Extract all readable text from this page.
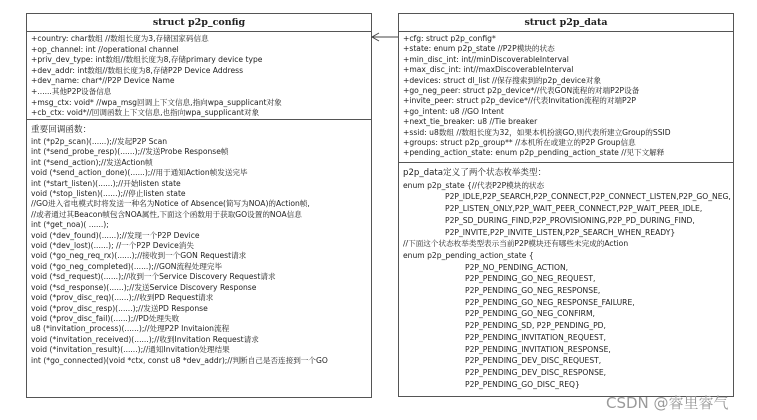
struct p2p_config
+country: char数组 //数组长度为3,存储国家码信息
+op_channel: int //operational channel
+priv_dev_type: int数组//数组长度为8,存储primary device type
+dev_addr: int数组//数组长度为8,存储P2P Device Address
+dev_name: char*//P2P Device Name
+......其他P2P设备信息
+msg_ctx: void* //wpa_msg回调上下文信息,指向wpa_supplicant对象
+cb_ctx: void*//回调函数上下文信息,也指向wpa_supplicant对象
重要回调函数：
int (*p2p_scan)(......);//发起P2P Scan
int (*send_probe_resp)(......);//发送Probe Response帧
int (*send_action);//发送Action帧
void (*send_action_done)(......);//用于通知Action帧发送完毕
int (*start_listen)(......);//开始listen state
void (*stop_listen)(......);//停止listen state
//GO进入省电模式时将发送一种名为Notice of Absence(简写为NOA)的Action帧,
//或者通过其Beacon帧包含NOA属性,下面这个函数用于获取GO设置的NOA信息
int (*get_noa)( ......);
void (*dev_found)(......);//发现一个P2P Device
void (*dev_lost)(......); //一个P2P Device消失
void (*go_neg_req_rx)(......);//接收到一个GON Request请求
void (*go_neg_completed)(......);//GON流程处理完毕
void (*sd_request)(......);//收到一个Service Discovery Request请求
void (*sd_response)(......);//发送Service Discovery Response
void (*prov_disc_req)(......);//收到PD Request请求
void (*prov_disc_resp)(......);//发送PD Response
void (*prov_disc_fail)(......);//PD处理失败
u8 (*invitation_process)(......);//处理P2P Invitaion流程
void (*invitation_received)(......);//收到Invitation Request请求
void (*invitation_result)(......);//通知Invitation处理结果
int (*go_connected)(void *ctx, const u8 *dev_addr);//判断自己是否连接到一个GO
struct p2p_data
+cfg: struct p2p_config*
+state: enum p2p_state //P2P模块的状态
+min_disc_int: int//minDiscoverableInterval
+max_disc_int: int//maxDiscoverableInterval
+devices: struct dl_list //保存搜索到的p2p_device对象
+go_neg_peer: struct p2p_device*//代表GON流程的对端P2P设备
+invite_peer: struct p2p_device*//代表Invitation流程的对端P2P
+go_intent: u8 //GO Intent
+next_tie_breaker: u8 //Tie breaker
+ssid: u8数组 //数组长度为32，如果本机扮演GO,则代表所建立Group的SSID
+groups: struct p2p_group** //本机所在或建立的P2P Group信息
+pending_action_state: enum p2p_pending_action_state //见下文解释
p2p_data定义了两个状态枚举类型：
enum p2p_state {//代表P2P模块的状态
P2P_IDLE,P2P_SEARCH,P2P_CONNECT,P2P_CONNECT_LISTEN,P2P_GO_NEG,
P2P_LISTEN_ONLY,P2P_WAIT_PEER_CONNECT,P2P_WAIT_PEER_IDLE,
P2P_SD_DURING_FIND,P2P_PROVISIONING,P2P_PD_DURING_FIND,
P2P_INVITE,P2P_INVITE_LISTEN,P2P_SEARCH_WHEN_READY}
//下面这个状态枚举类型表示当前P2P模块还有哪些未完成的Action
enum p2p_pending_action_state {
P2P_NO_PENDING_ACTION,
P2P_PENDING_GO_NEG_REQUEST,
P2P_PENDING_GO_NEG_RESPONSE,
P2P_PENDING_GO_NEG_RESPONSE_FAILURE,
P2P_PENDING_GO_NEG_CONFIRM,
P2P_PENDING_SD, P2P_PENDING_PD,
P2P_PENDING_INVITATION_REQUEST,
P2P_PENDING_INVITATION_RESPONSE,
P2P_PENDING_DEV_DISC_REQUEST,
P2P_PENDING_DEV_DISC_RESPONSE,
P2P_PENDING_GO_DISC_REQ}
CSDN @睿里睿气
